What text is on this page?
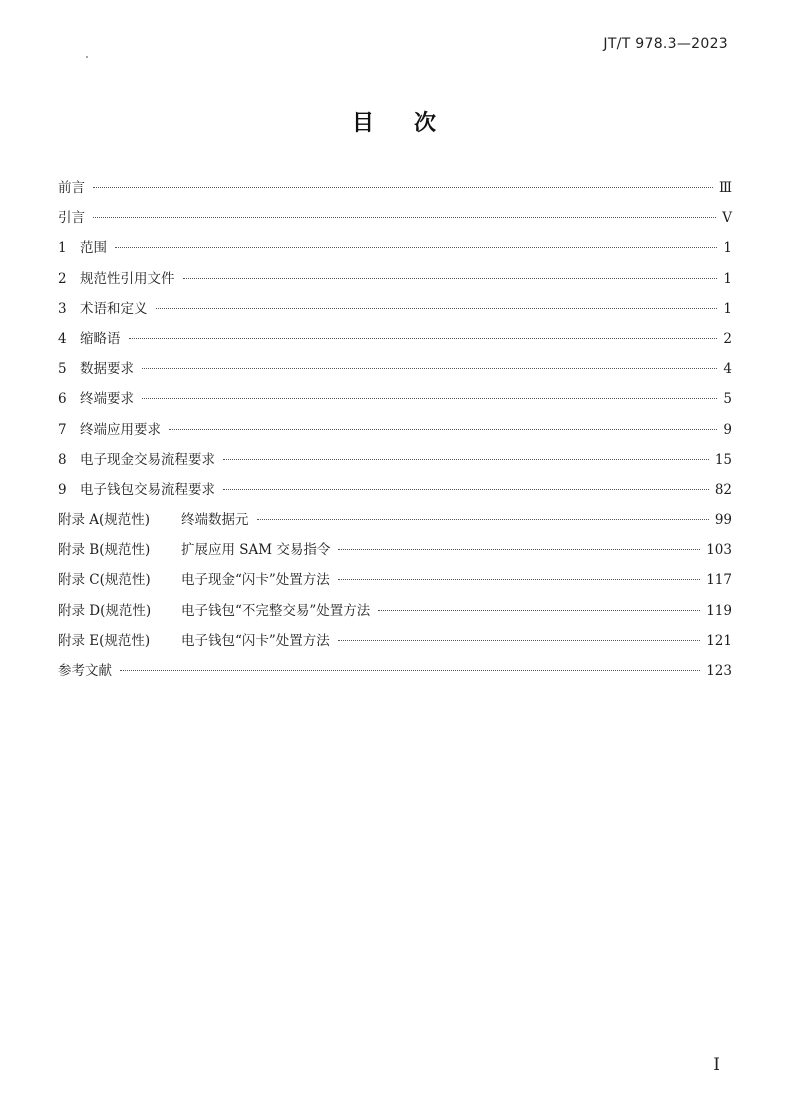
JT/T 978.3—2023
目 次
前言	Ⅲ
引言	V
1 范围	1
2 规范性引用文件	1
3 术语和定义	1
4 缩略语	2
5 数据要求	4
6 终端要求	5
7 终端应用要求	9
8 电子现金交易流程要求	15
9 电子钱包交易流程要求	82
附录 A(规范性)	终端数据元	99
附录 B(规范性)	扩展应用 SAM 交易指令	103
附录 C(规范性)	电子现金“闪卡”处置方法	117
附录 D(规范性)	电子钱包“不完整交易”处置方法	119
附录 E(规范性)	电子钱包“闪卡”处置方法	121
参考文献	123
I
